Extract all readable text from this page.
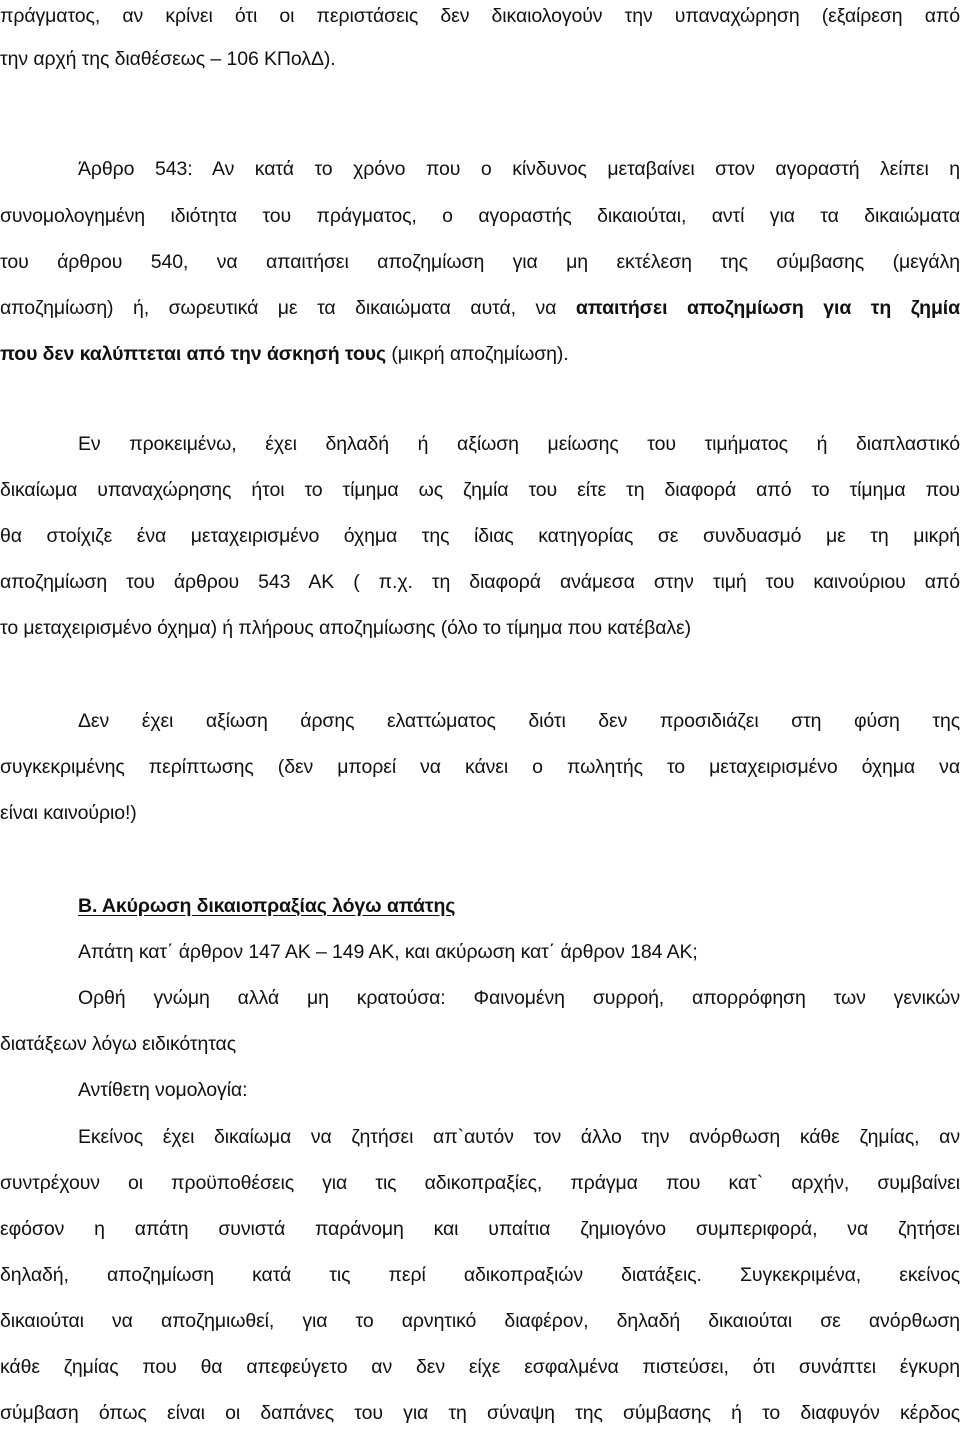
πράγματος, αν κρίνει ότι οι περιστάσεις δεν δικαιολογούν την υπαναχώρηση (εξαίρεση από
την αρχή της διαθέσεως – 106 ΚΠολΔ).
Άρθρο 543: Αν κατά το χρόνο που ο κίνδυνος μεταβαίνει στον αγοραστή λείπει η
συνομολογημένη ιδιότητα του πράγματος, ο αγοραστής δικαιούται, αντί για τα δικαιώματα
του άρθρου 540, να απαιτήσει αποζημίωση για μη εκτέλεση της σύμβασης (μεγάλη
αποζημίωση) ή, σωρευτικά με τα δικαιώματα αυτά, να απαιτήσει αποζημίωση για τη ζημία
που δεν καλύπτεται από την άσκησή τους (μικρή αποζημίωση).
Εν προκειμένω, έχει δηλαδή ή αξίωση μείωσης του τιμήματος ή διαπλαστικό
δικαίωμα υπαναχώρησης ήτοι το τίμημα ως ζημία του είτε τη διαφορά από το τίμημα που
θα στοίχιζε ένα μεταχειρισμένο όχημα της ίδιας κατηγορίας σε συνδυασμό με τη μικρή
αποζημίωση του άρθρου 543 ΑΚ ( π.χ. τη διαφορά ανάμεσα στην τιμή του καινούριου από
το μεταχειρισμένο όχημα) ή πλήρους αποζημίωσης (όλο το τίμημα που κατέβαλε)
Δεν έχει αξίωση άρσης ελαττώματος διότι δεν προσιδιάζει στη φύση της
συγκεκριμένης περίπτωσης (δεν μπορεί να κάνει ο πωλητής το μεταχειρισμένο όχημα να
είναι καινούριο!)
Β. Ακύρωση δικαιοπραξίας λόγω απάτης
Απάτη κατ΄ άρθρον 147 ΑΚ – 149 ΑΚ, και ακύρωση κατ΄ άρθρον 184 ΑΚ;
Ορθή γνώμη αλλά μη κρατούσα: Φαινομένη συρροή, απορρόφηση των γενικών
διατάξεων λόγω ειδικότητας
Αντίθετη νομολογία:
Εκείνος έχει δικαίωμα να ζητήσει απ`αυτόν τον άλλο την ανόρθωση κάθε ζημίας, αν
συντρέχουν οι προϋποθέσεις για τις αδικοπραξίες, πράγμα που κατ` αρχήν, συμβαίνει
εφόσον η απάτη συνιστά παράνομη και υπαίτια ζημιογόνο συμπεριφορά, να ζητήσει
δηλαδή, αποζημίωση κατά τις περί αδικοπραξιών διατάξεις. Συγκεκριμένα, εκείνος
δικαιούται να αποζημιωθεί, για το αρνητικό διαφέρον, δηλαδή δικαιούται σε ανόρθωση
κάθε ζημίας που θα απεφεύγετο αν δεν είχε εσφαλμένα πιστεύσει, ότι συνάπτει έγκυρη
σύμβαση όπως είναι οι δαπάνες του για τη σύναψη της σύμβασης ή το διαφυγόν κέρδος
